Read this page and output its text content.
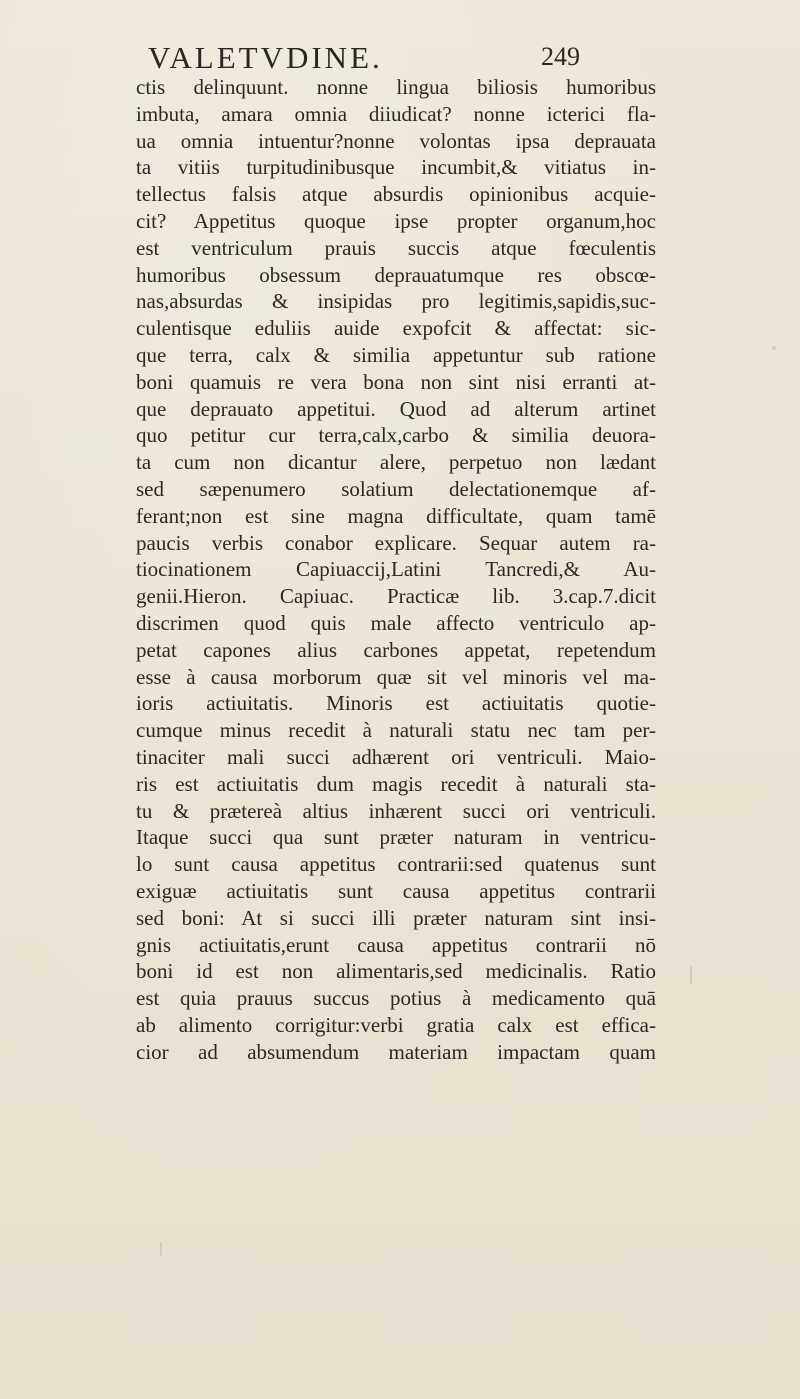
VALETVDINE.	249
ctis delinquunt. nonne lingua biliosis humoribus
imbuta, amara omnia diiudicat? nonne icterici fla-
ua omnia intuentur?nonne volontas ipsa deprauata
ta vitiis turpitudinibusque incumbit,& vitiatus in-
tellectus falsis atque absurdis opinionibus acquie-
cit? Appetitus quoque ipse propter organum,hoc
est ventriculum prauis succis atque fœculentis
humoribus obsessum deprauatumque res obscœ-
nas,absurdas & insipidas pro legitimis,sapidis,suc-
culentisque eduliis auide expofcit & affectat: sic-
que terra, calx & similia appetuntur sub ratione
boni quamuis re vera bona non sint nisi erranti at-
que deprauato appetitui. Quod ad alterum artinet
quo petitur cur terra,calx,carbo & similia deuora-
ta cum non dicantur alere, perpetuo non lædant
sed sæpenumero solatium delectationemque af-
ferant;non est sine magna difficultate, quam tamē
paucis verbis conabor explicare. Sequar autem ra-
tiocinationem Capiuaccij,Latini Tancredi,& Au-
genii.Hieron. Capiuac. Practicæ lib. 3.cap.7.dicit
discrimen quod quis male affecto ventriculo ap-
petat capones alius carbones appetat, repetendum
esse à causa morborum quæ sit vel minoris vel ma-
ioris actiuitatis. Minoris est actiuitatis quotie-
cumque minus recedit à naturali statu nec tam per-
tinaciter mali succi adhærent ori ventriculi. Maio-
ris est actiuitatis dum magis recedit à naturali sta-
tu & prætereà altius inhærent succi ori ventriculi.
Itaque succi qua sunt præter naturam in ventricu-
lo sunt causa appetitus contrarii:sed quatenus sunt
exiguæ actiuitatis sunt causa appetitus contrarii
sed boni: At si succi illi præter naturam sint insi-
gnis actiuitatis,erunt causa appetitus contrarii nō
boni id est non alimentaris,sed medicinalis. Ratio
est quia prauus succus potius à medicamento quā
ab alimento corrigitur:verbi gratia calx est effica-
cior ad absumendum materiam impactam quam
